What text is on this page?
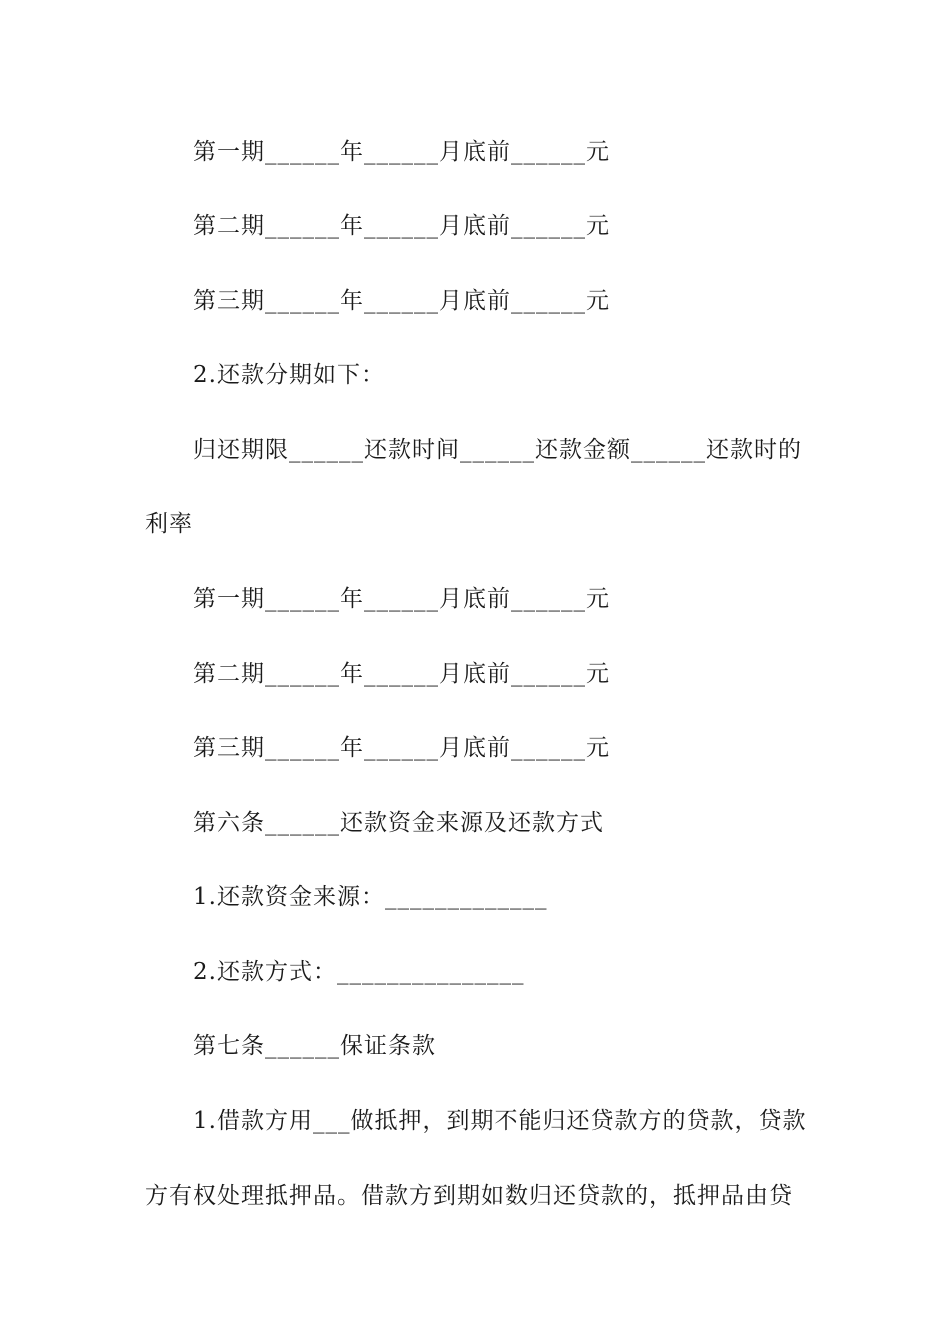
第一期______年______月底前______元
第二期______年______月底前______元
第三期______年______月底前______元
2.还款分期如下：
归还期限______还款时间______还款金额______还款时的
利率
第一期______年______月底前______元
第二期______年______月底前______元
第三期______年______月底前______元
第六条______还款资金来源及还款方式
1.还款资金来源：_____________
2.还款方式：_______________
第七条______保证条款
1.借款方用___做抵押，到期不能归还贷款方的贷款，贷款
方有权处理抵押品。借款方到期如数归还贷款的，抵押品由贷
